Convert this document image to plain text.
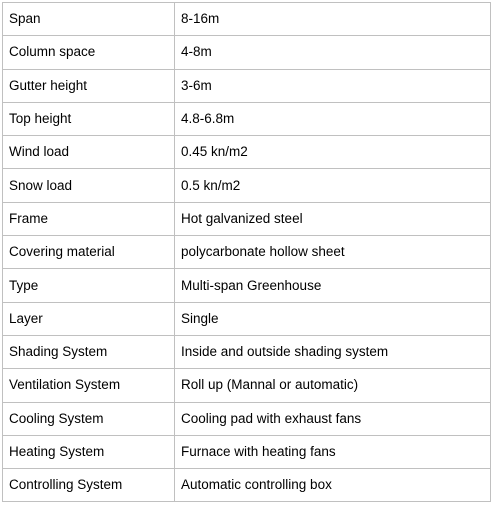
Span	8-16m
Column space	4-8m
Gutter height	3-6m
Top height	4.8-6.8m
Wind load	0.45 kn/m2
Snow load	0.5 kn/m2
Frame	Hot galvanized steel
Covering material	polycarbonate hollow sheet
Type	Multi-span Greenhouse
Layer	Single
Shading System	Inside and outside shading system
Ventilation System	Roll up (Mannal or automatic)
Cooling System	Cooling pad with exhaust fans
Heating System	Furnace with heating fans
Controlling System	Automatic controlling box
